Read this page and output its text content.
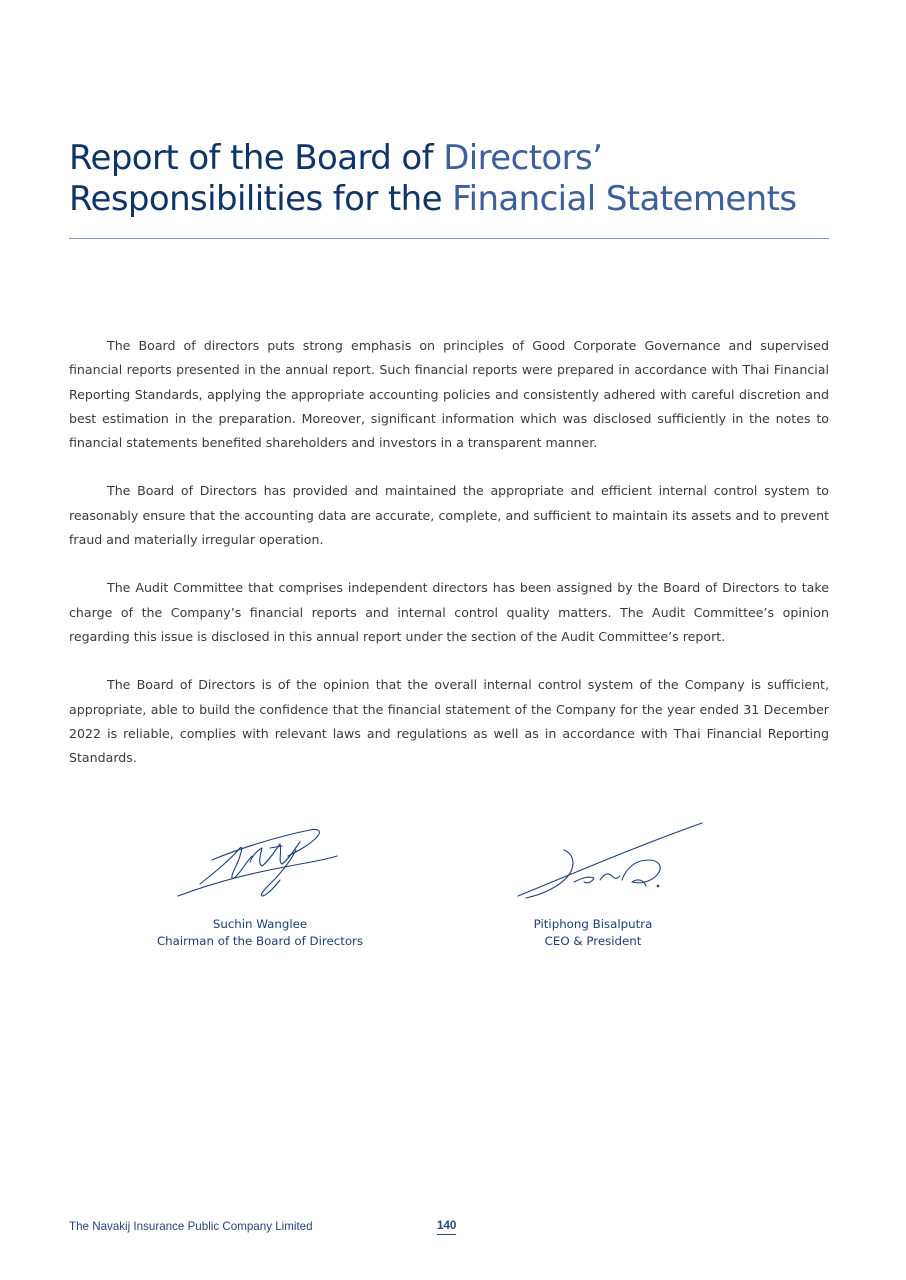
Report of the Board of Directors’
Responsibilities for the Financial Statements

The Board of directors puts strong emphasis on principles of Good Corporate Governance and supervised financial reports presented in the annual report. Such financial reports were prepared in accordance with Thai Financial Reporting Standards, applying the appropriate accounting policies and consistently adhered with careful discretion and best estimation in the preparation. Moreover, significant information which was disclosed sufficiently in the notes to financial statements benefited shareholders and investors in a transparent manner.

The Board of Directors has provided and maintained the appropriate and efficient internal control system to reasonably ensure that the accounting data are accurate, complete, and sufficient to maintain its assets and to prevent fraud and materially irregular operation.

The Audit Committee that comprises independent directors has been assigned by the Board of Directors to take charge of the Company’s financial reports and internal control quality matters. The Audit Committee’s opinion regarding this issue is disclosed in this annual report under the section of the Audit Committee’s report.

The Board of Directors is of the opinion that the overall internal control system of the Company is sufficient, appropriate, able to build the confidence that the financial statement of the Company for the year ended 31 December 2022 is reliable, complies with relevant laws and regulations as well as in accordance with Thai Financial Reporting Standards.

Suchin Wanglee
Chairman of the Board of Directors
Pitiphong Bisalputra
CEO & President
The Navakij Insurance Public Company Limited	140
